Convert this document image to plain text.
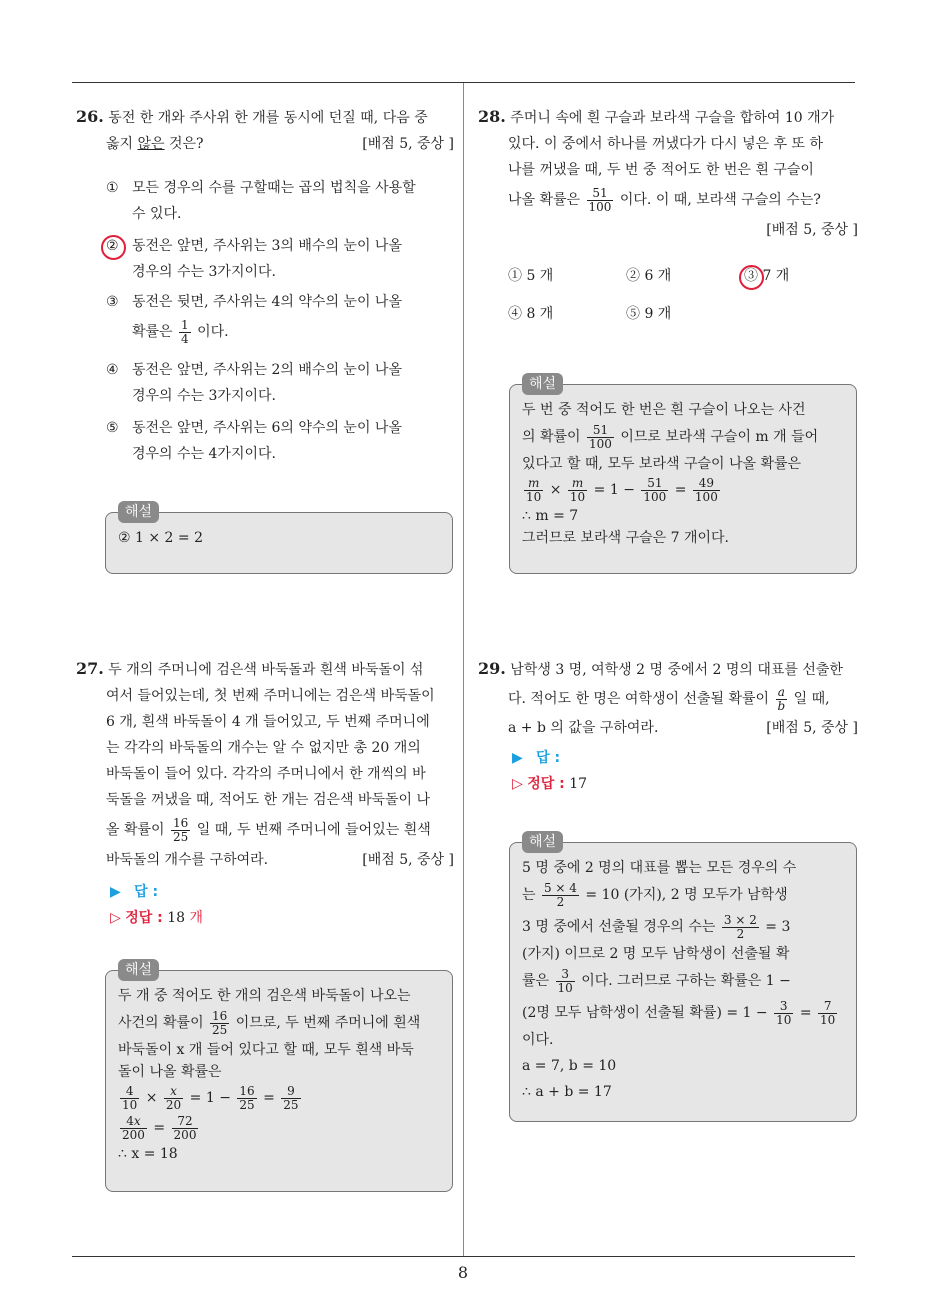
26. 동전 한 개와 주사위 한 개를 동시에 던질 때, 다음 중
옳지 않은 것은?	[배점 5, 중상 ]
① 모든 경우의 수를 구할때는 곱의 법칙을 사용할
수 있다.
② 동전은 앞면, 주사위는 3의 배수의 눈이 나올
경우의 수는 3가지이다.
③ 동전은 뒷면, 주사위는 4의 약수의 눈이 나올
확률은 $\frac{1}{4}$ 이다.
④ 동전은 앞면, 주사위는 2의 배수의 눈이 나올
경우의 수는 3가지이다.
⑤ 동전은 앞면, 주사위는 6의 약수의 눈이 나올
경우의 수는 4가지이다.
해설
② 1 × 2 = 2
27. 두 개의 주머니에 검은색 바둑돌과 흰색 바둑돌이 섞
여서 들어있는데, 첫 번째 주머니에는 검은색 바둑돌이
6 개, 흰색 바둑돌이 4 개 들어있고, 두 번째 주머니에
는 각각의 바둑돌의 개수는 알 수 없지만 총 20 개의
바둑돌이 들어 있다. 각각의 주머니에서 한 개씩의 바
둑돌을 꺼냈을 때, 적어도 한 개는 검은색 바둑돌이 나
올 확률이 $\frac{16}{25}$ 일 때, 두 번째 주머니에 들어있는 흰색
바둑돌의 개수를 구하여라.	[배점 5, 중상 ]
▶ 답 :
▷ 정답 : 18 개
해설
두 개 중 적어도 한 개의 검은색 바둑돌이 나오는
사건의 확률이 $\frac{16}{25}$ 이므로, 두 번째 주머니에 흰색
바둑돌이 x 개 들어 있다고 할 때, 모두 흰색 바둑
돌이 나올 확률은
$\frac{4}{10} \times \frac{x}{20} = 1 - \frac{16}{25} = \frac{9}{25}$
$\frac{4x}{200} = \frac{72}{200}$
∴ x = 18
28. 주머니 속에 흰 구슬과 보라색 구슬을 합하여 10 개가
있다. 이 중에서 하나를 꺼냈다가 다시 넣은 후 또 하
나를 꺼냈을 때, 두 번 중 적어도 한 번은 흰 구슬이
나올 확률은 $\frac{51}{100}$ 이다. 이 때, 보라색 구슬의 수는?
[배점 5, 중상 ]
① 5 개	② 6 개	③ 7 개
④ 8 개	⑤ 9 개
해설
두 번 중 적어도 한 번은 흰 구슬이 나오는 사건
의 확률이 $\frac{51}{100}$ 이므로 보라색 구슬이 m 개 들어
있다고 할 때, 모두 보라색 구슬이 나올 확률은
$\frac{m}{10} \times \frac{m}{10} = 1 - \frac{51}{100} = \frac{49}{100}$
∴ m = 7
그러므로 보라색 구슬은 7 개이다.
29. 남학생 3 명, 여학생 2 명 중에서 2 명의 대표를 선출한
다. 적어도 한 명은 여학생이 선출될 확률이 $\frac{a}{b}$ 일 때,
a + b 의 값을 구하여라.	[배점 5, 중상 ]
▶ 답 :
▷ 정답 : 17
해설
5 명 중에 2 명의 대표를 뽑는 모든 경우의 수
는 $\frac{5 \times 4}{2} = 10$ (가지), 2 명 모두가 남학생
3 명 중에서 선출될 경우의 수는 $\frac{3 \times 2}{2} = 3$
(가지) 이므로 2 명 모두 남학생이 선출될 확
률은 $\frac{3}{10}$ 이다. 그러므로 구하는 확률은 1 −
(2명 모두 남학생이 선출될 확률) = $1 - \frac{3}{10} = \frac{7}{10}$
이다.
a = 7, b = 10
∴ a + b = 17
8
